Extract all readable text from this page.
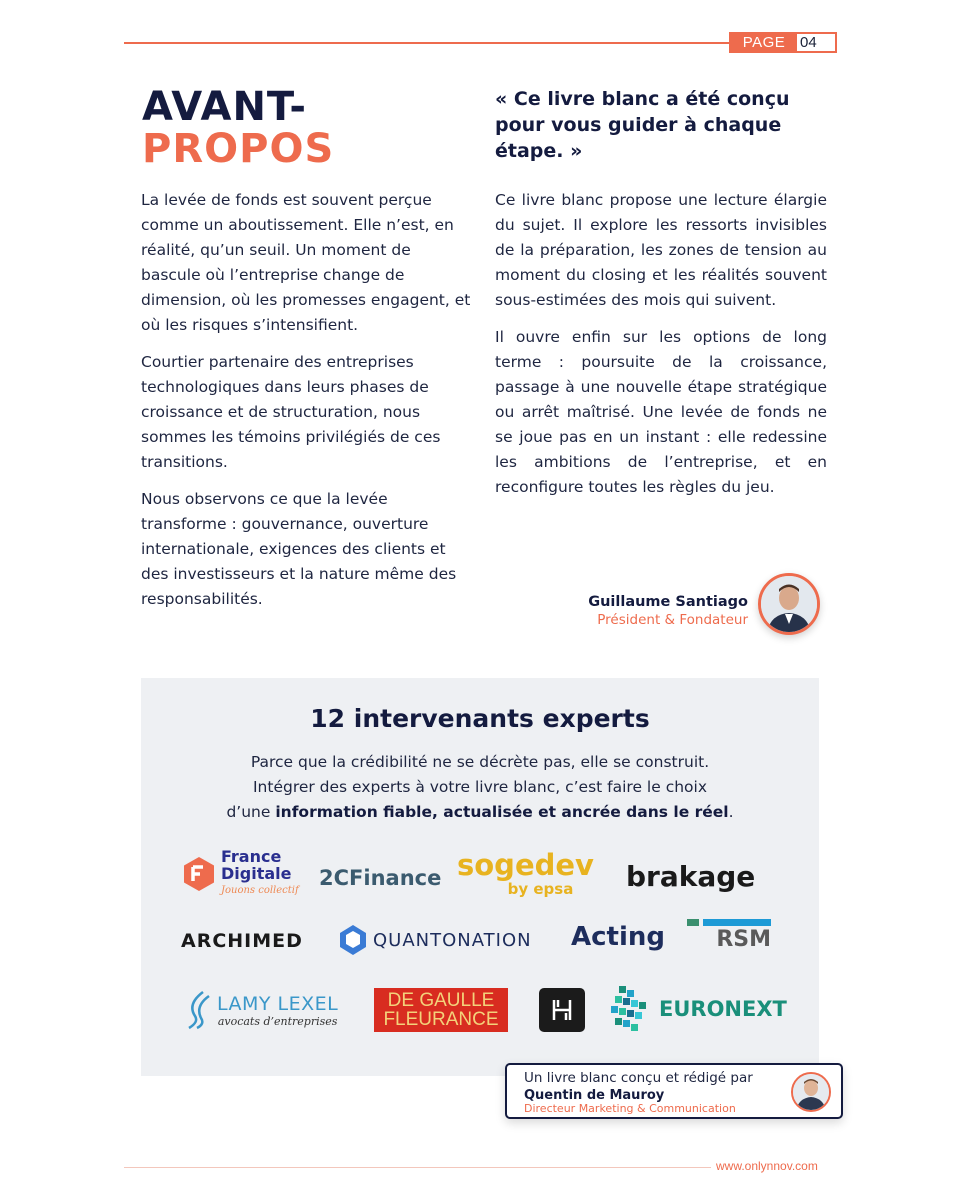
PAGE 04
AVANT-
PROPOS
« Ce livre blanc a été conçu pour vous guider à chaque étape. »

La levée de fonds est souvent perçue comme un aboutissement. Elle n’est, en réalité, qu’un seuil. Un moment de bascule où l’entreprise change de dimension, où les promesses engagent, et où les risques s’intensifient.

Courtier partenaire des entreprises technologiques dans leurs phases de croissance et de structuration, nous sommes les témoins privilégiés de ces transitions.

Nous observons ce que la levée transforme : gouvernance, ouverture internationale, exigences des clients et des investisseurs et la nature même des responsabilités.

Ce livre blanc propose une lecture élargie du sujet. Il explore les ressorts invisibles de la préparation, les zones de tension au moment du closing et les réalités souvent sous-estimées des mois qui suivent.

Il ouvre enfin sur les options de long terme : poursuite de la croissance, passage à une nouvelle étape stratégique ou arrêt maîtrisé. Une levée de fonds ne se joue pas en un instant : elle redessine les ambitions de l’entreprise, et en reconfigure toutes les règles du jeu.

Guillaume Santiago
Président & Fondateur
12 intervenants experts
Parce que la crédibilité ne se décrète pas, elle se construit.
Intégrer des experts à votre livre blanc, c’est faire le choix
d’une information fiable, actualisée et ancrée dans le réel.
France
Digitale
Jouons collectif
2CFinance sogedev
by epsa brakage
ARCHIMED	QUANTONATION Acting RSM
LAMY LEXEL
avocats d’entreprises
DE GAULLE
FLEURANCE	EURONEXT
Un livre blanc conçu et rédigé par
Quentin de Mauroy
Directeur Marketing & Communication
www.onlynnov.com
